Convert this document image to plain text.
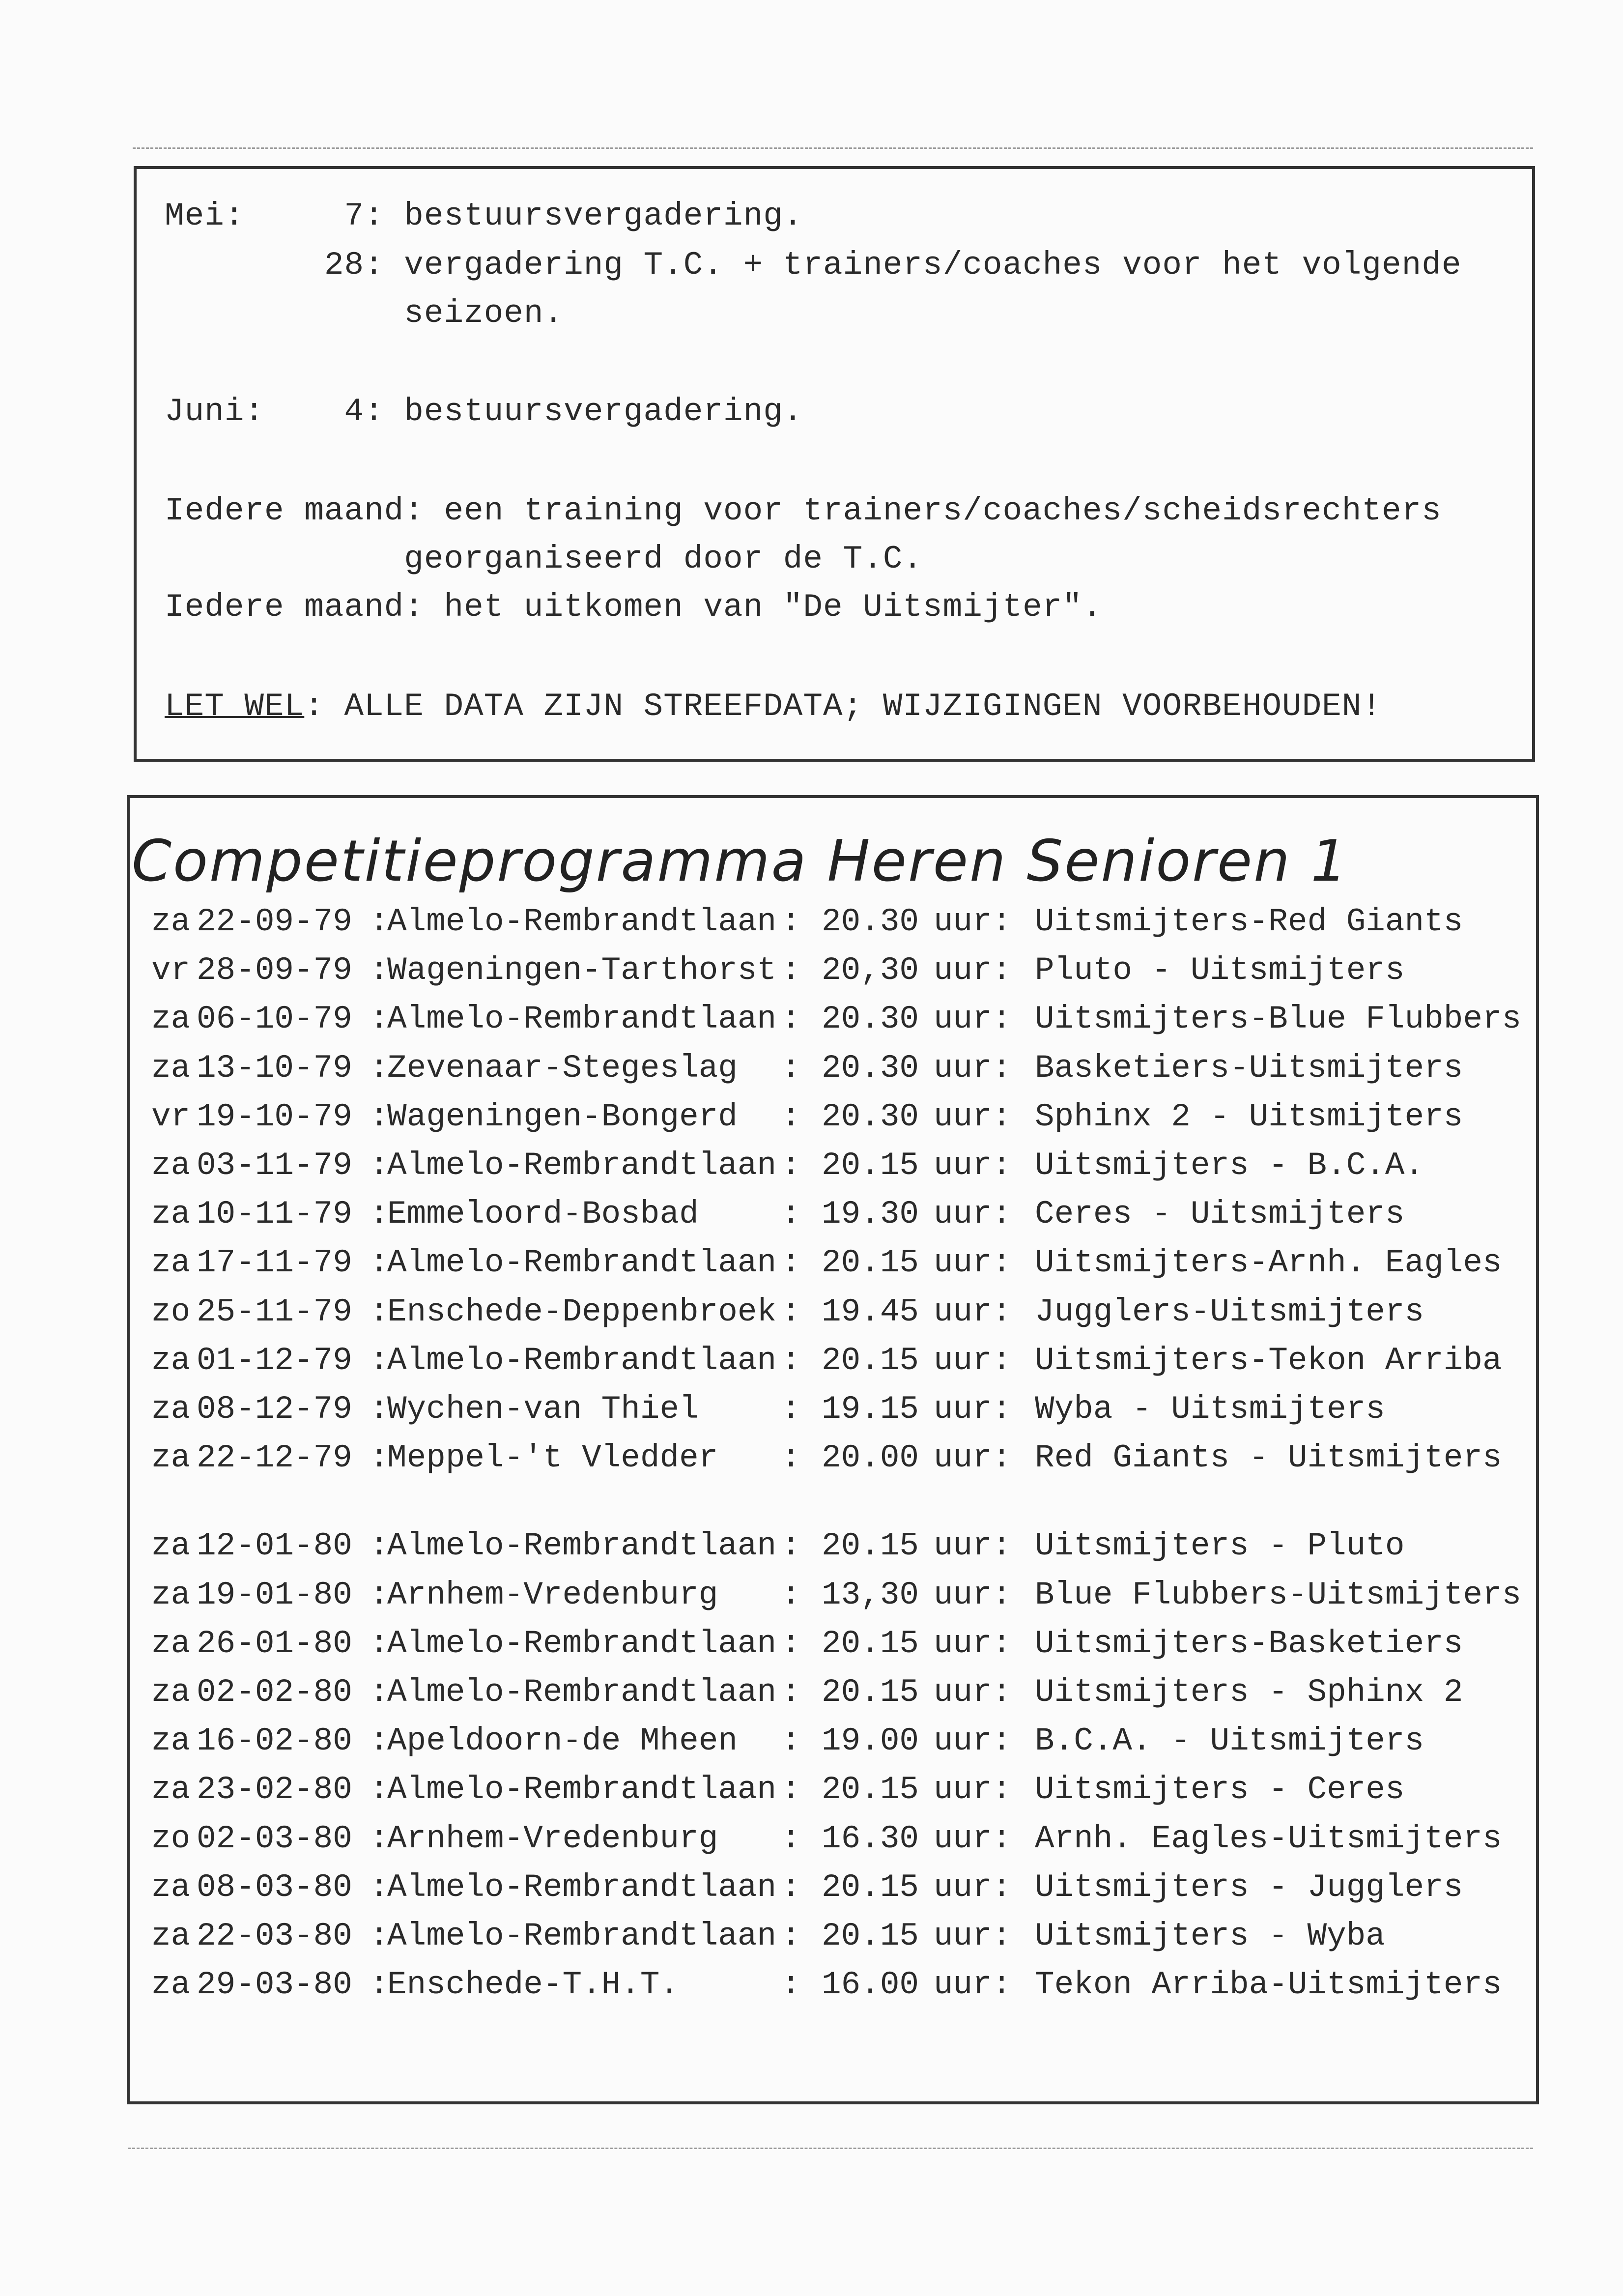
Mei:     7: bestuursvergadering.
28: vergadering T.C. + trainers/coaches voor het volgende
seizoen.
Juni:    4: bestuursvergadering.
Iedere maand: een training voor trainers/coaches/scheidsrechters
georganiseerd door de T.C.
Iedere maand: het uitkomen van "De Uitsmijter".
LET WEL: ALLE DATA ZIJN STREEFDATA; WIJZIGINGEN VOORBEHOUDEN!
Competitieprogramma Heren Senioren 1
za 22-09-79 Almelo-Rembrandtlaan : 20.30 uur: Uitsmijters-Red Giants
:
vr 28-09-79 Wageningen-Tarthorst : 20,30 uur: Pluto - Uitsmijters
:
za 06-10-79 Almelo-Rembrandtlaan : 20.30 uur: Uitsmijters-Blue Flubbers
:
za 13-10-79 Zevenaar-Stegeslag : 20.30 uur: Basketiers-Uitsmijters
:
vr 19-10-79 Wageningen-Bongerd : 20.30 uur: Sphinx 2 - Uitsmijters
:
za 03-11-79 Almelo-Rembrandtlaan : 20.15 uur: Uitsmijters - B.C.A.
:
za 10-11-79 Emmeloord-Bosbad	: 19.30 uur: Ceres - Uitsmijters
:
za 17-11-79 Almelo-Rembrandtlaan : 20.15 uur: Uitsmijters-Arnh. Eagles
:
zo 25-11-79 Enschede-Deppenbroek : 19.45 uur: Jugglers-Uitsmijters
:
za 01-12-79 Almelo-Rembrandtlaan : 20.15 uur: Uitsmijters-Tekon Arriba
:
za 08-12-79 Wychen-van Thiel	: 19.15 uur: Wyba - Uitsmijters
:
za 22-12-79 Meppel-'t Vledder : 20.00 uur: Red Giants - Uitsmijters
:
za 12-01-80 Almelo-Rembrandtlaan : 20.15 uur: Uitsmijters - Pluto
:
za 19-01-80 Arnhem-Vredenburg : 13,30 uur: Blue Flubbers-Uitsmijters
:
za 26-01-80 Almelo-Rembrandtlaan : 20.15 uur: Uitsmijters-Basketiers
:
za 02-02-80 Almelo-Rembrandtlaan : 20.15 uur: Uitsmijters - Sphinx 2
:
za 16-02-80 Apeldoorn-de Mheen : 19.00 uur: B.C.A. - Uitsmijters
:
za 23-02-80 Almelo-Rembrandtlaan : 20.15 uur: Uitsmijters - Ceres
:
zo 02-03-80 Arnhem-Vredenburg : 16.30 uur: Arnh. Eagles-Uitsmijters
:
za 08-03-80 Almelo-Rembrandtlaan : 20.15 uur: Uitsmijters - Jugglers
:
za 22-03-80 Almelo-Rembrandtlaan : 20.15 uur: Uitsmijters - Wyba
:
za 29-03-80 Enschede-T.H.T.	: 16.00 uur: Tekon Arriba-Uitsmijters
:
